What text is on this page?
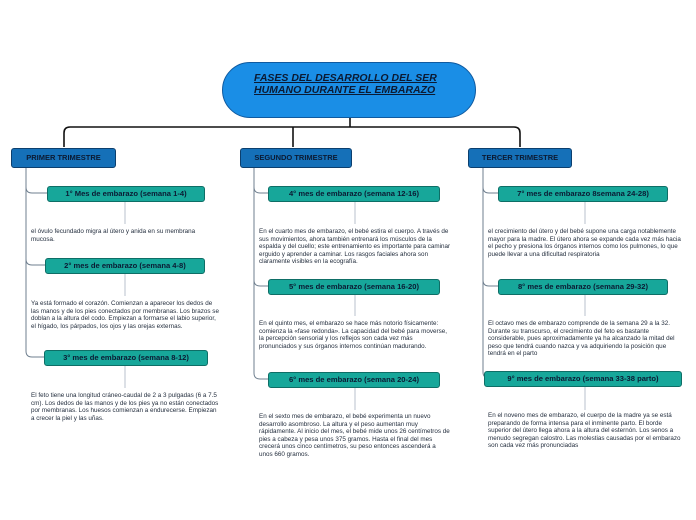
FASES DEL DESARROLLO DEL SER HUMANO DURANTE EL EMBARAZO
PRIMER TRIMESTRE
1° Mes de embarazo (semana 1-4)
el óvulo fecundado migra al útero y anida en su membrana mucosa.
2° mes de embarazo (semana 4-8)
Ya está formado el corazón. Comienzan a aparecer los dedos de las manos y de los pies conectados por membranas. Los brazos se doblan a la altura del codo. Empiezan a formarse el labio superior, el hígado, los párpados, los ojos y las orejas externas.
3° mes de embarazo (semana 8-12)
El feto tiene una longitud cráneo-caudal de 2 a 3 pulgadas (6 a 7.5 cm). Los dedos de las manos y de los pies ya no están conectados por membranas. Los huesos comienzan a endurecerse. Empiezan a crecer la piel y las uñas.
SEGUNDO TRIMESTRE
4° mes de embarazo (semana 12-16)
En el cuarto mes de embarazo, el bebé estira el cuerpo. A través de sus movimientos, ahora también entrenará los músculos de la espalda y del cuello; este entrenamiento es importante para caminar erguido y aprender a caminar. Los rasgos faciales ahora son claramente visibles en la ecografía.
5° mes de embarazo (semana 16-20)
En el quinto mes, el embarazo se hace más notorio físicamente: comienza la «fase redonda». La capacidad del bebé para moverse, la percepción sensorial y los reflejos son cada vez más pronunciados y sus órganos internos continúan madurando.
6° mes de embarazo (semana 20-24)
En el sexto mes de embarazo, el bebé experimenta un nuevo desarrollo asombroso. La altura y el peso aumentan muy rápidamente. Al inicio del mes, el bebé mide unos 26 centímetros de pies a cabeza y pesa unos 375 gramos. Hasta el final del mes crecerá unos cinco centímetros, su peso entonces ascenderá a unos 660 gramos.
TERCER TRIMESTRE
7° mes de embarazo 8semana 24-28)
el crecimiento del útero y del bebé supone una carga notablemente mayor para la madre. El útero ahora se expande cada vez más hacia el pecho y presiona los órganos internos como los pulmones, lo que puede llevar a una dificultad respiratoria
8° mes de embarazo (semana 29-32)
El octavo mes de embarazo comprende de la semana 29 a la 32. Durante su transcurso, el crecimiento del feto es bastante considerable, pues aproximadamente ya ha alcanzado la mitad del peso que tendrá cuando nazca y va adquiriendo la posición que tendrá en el parto
9° mes de embarazo (semana 33-38 parto)
En el noveno mes de embarazo, el cuerpo de la madre ya se está preparando de forma intensa para el inminente parto. El borde superior del útero llega ahora a la altura del esternón. Los senos a menudo segregan calostro. Las molestias causadas por el embarazo son cada vez más pronunciadas
